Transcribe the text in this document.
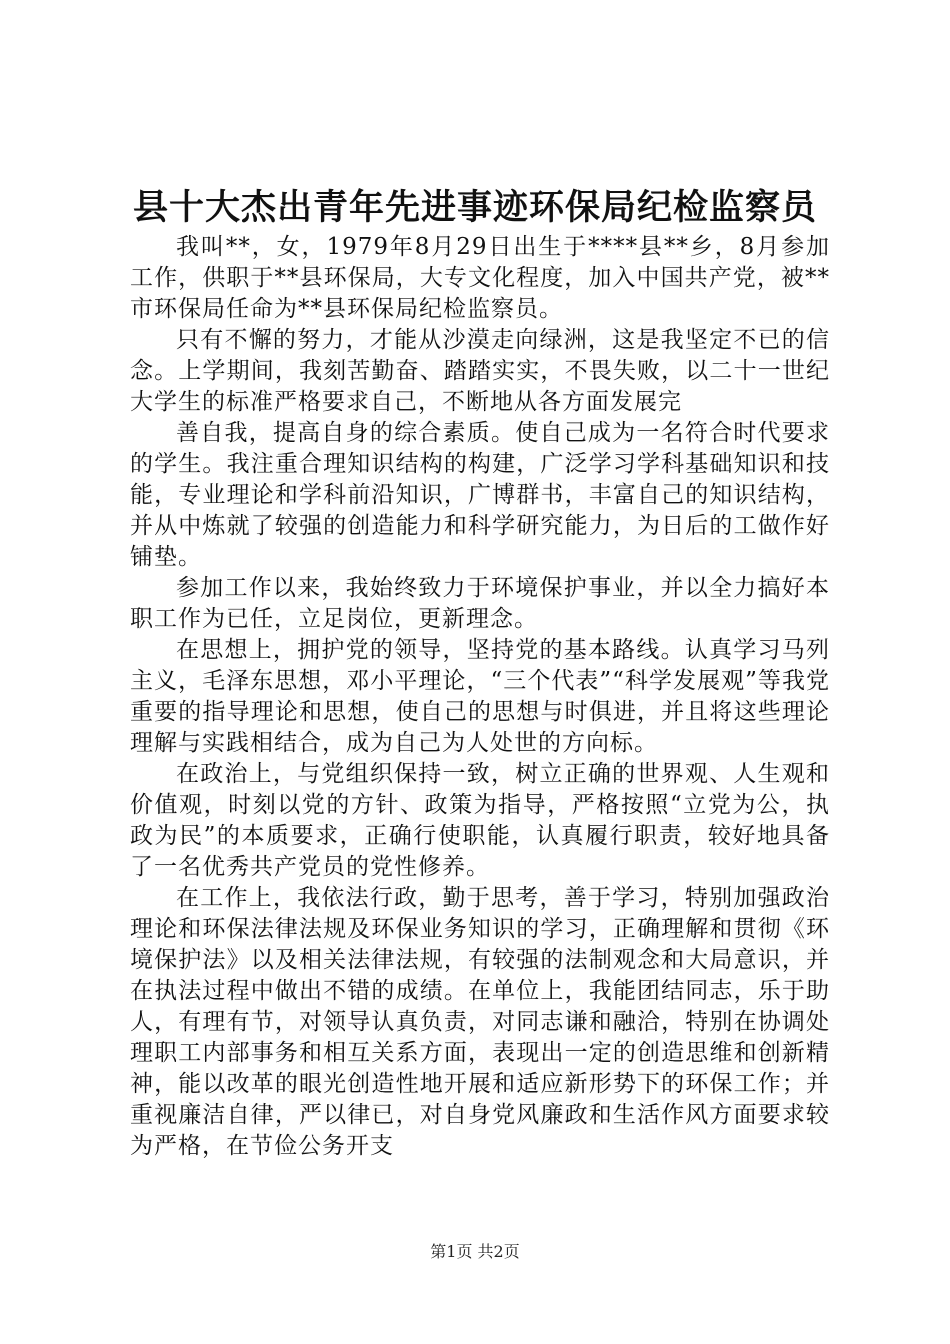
县十大杰出青年先进事迹环保局纪检监察员

我叫**，女，1979年8月29日出生于****县**乡，8月参加工作，供职于**县环保局，大专文化程度，加入中国共产党，被**市环保局任命为**县环保局纪检监察员。

只有不懈的努力，才能从沙漠走向绿洲，这是我坚定不已的信念。上学期间，我刻苦勤奋、踏踏实实，不畏失败，以二十一世纪大学生的标准严格要求自己，不断地从各方面发展完

善自我，提高自身的综合素质。使自己成为一名符合时代要求的学生。我注重合理知识结构的构建，广泛学习学科基础知识和技能，专业理论和学科前沿知识，广博群书，丰富自己的知识结构，并从中炼就了较强的创造能力和科学研究能力，为日后的工做作好铺垫。

参加工作以来，我始终致力于环境保护事业，并以全力搞好本职工作为已任，立足岗位，更新理念。

在思想上，拥护党的领导，坚持党的基本路线。认真学习马列主义，毛泽东思想，邓小平理论，“三个代表”“科学发展观”等我党重要的指导理论和思想，使自己的思想与时俱进，并且将这些理论理解与实践相结合，成为自己为人处世的方向标。

在政治上，与党组织保持一致，树立正确的世界观、人生观和价值观，时刻以党的方针、政策为指导，严格按照“立党为公，执政为民”的本质要求，正确行使职能，认真履行职责，较好地具备了一名优秀共产党员的党性修养。

在工作上，我依法行政，勤于思考，善于学习，特别加强政治理论和环保法律法规及环保业务知识的学习，正确理解和贯彻《环境保护法》以及相关法律法规，有较强的法制观念和大局意识，并在执法过程中做出不错的成绩。在单位上，我能团结同志，乐于助人，有理有节，对领导认真负责，对同志谦和融洽，特别在协调处理职工内部事务和相互关系方面，表现出一定的创造思维和创新精神，能以改革的眼光创造性地开展和适应新形势下的环保工作；并重视廉洁自律，严以律已，对自身党风廉政和生活作风方面要求较为严格，在节俭公务开支

第1页 共2页
